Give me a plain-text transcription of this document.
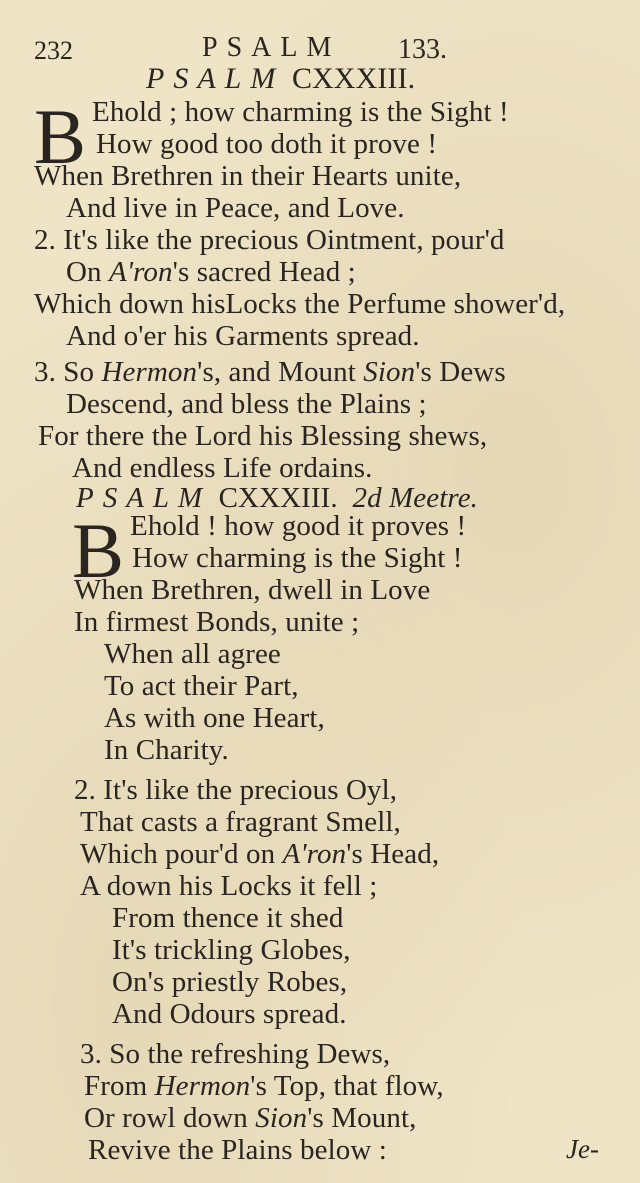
232	PSALM 133.
PSALM CXXXIII.
B Ehold ; how charming is the Sight !
How good too doth it prove !
When Brethren in their Hearts unite,
And live in Peace, and Love.
2. It's like the precious Ointment, pour'd
On A'ron's sacred Head ;
Which down hisLocks the Perfume shower'd,
And o'er his Garments spread.
3. So Hermon's, and Mount Sion's Dews
Descend, and bless the Plains ;
For there the Lord his Blessing shews,
And endless Life ordains.
PSALM CXXXIII. 2d Meetre.
B Ehold ! how good it proves !
How charming is the Sight !
When Brethren, dwell in Love
In firmest Bonds, unite ;
When all agree
To act their Part,
As with one Heart,
In Charity.
2. It's like the precious Oyl,
That casts a fragrant Smell,
Which pour'd on A'ron's Head,
A down his Locks it fell ;
From thence it shed
It's trickling Globes,
On's priestly Robes,
And Odours spread.
3. So the refreshing Dews,
From Hermon's Top, that flow,
Or rowl down Sion's Mount,
Revive the Plains below :	Je-
